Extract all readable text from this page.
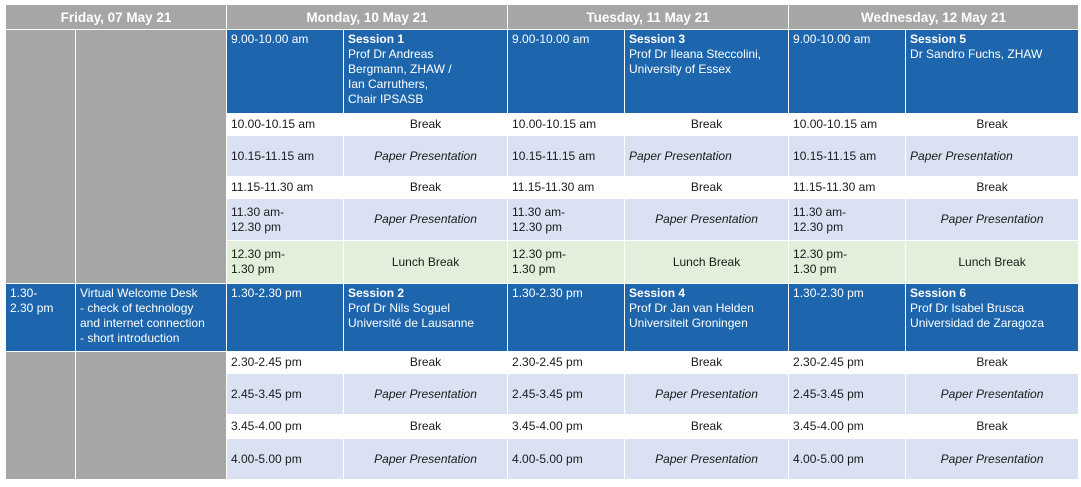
Friday, 07 May 21		Monday, 10 May 21		Tuesday, 11 May 21		Wednesday, 12 May 21	
		9.00-10.00 am	Session 1
Prof Dr Andreas
Bergmann, ZHAW /
Ian Carruthers,
Chair IPSASB	9.00-10.00 am	Session 3
Prof Dr Ileana Steccolini,
University of Essex	9.00-10.00 am	Session 5
Dr Sandro Fuchs, ZHAW
		10.00-10.15 am	Break	10.00-10.15 am	Break	10.00-10.15 am	Break
		10.15-11.15 am	Paper Presentation	10.15-11.15 am	Paper Presentation	10.15-11.15 am	Paper Presentation
		11.15-11.30 am	Break	11.15-11.30 am	Break	11.15-11.30 am	Break
		11.30 am-
12.30 pm	Paper Presentation	11.30 am-
12.30 pm	Paper Presentation	11.30 am-
12.30 pm	Paper Presentation
		12.30 pm-
1.30 pm	Lunch Break	12.30 pm-
1.30 pm	Lunch Break	12.30 pm-
1.30 pm	Lunch Break
1.30-
2.30 pm	Virtual Welcome Desk
- check of technology
and internet connection
- short introduction	1.30-2.30 pm	Session 2
Prof Dr Nils Soguel
Université de Lausanne	1.30-2.30 pm	Session 4
Prof Dr Jan van Helden
Universiteit Groningen	1.30-2.30 pm	Session 6
Prof Dr Isabel Brusca
Universidad de Zaragoza
		2.30-2.45 pm	Break	2.30-2.45 pm	Break	2.30-2.45 pm	Break
		2.45-3.45 pm	Paper Presentation	2.45-3.45 pm	Paper Presentation	2.45-3.45 pm	Paper Presentation
		3.45-4.00 pm	Break	3.45-4.00 pm	Break	3.45-4.00 pm	Break
		4.00-5.00 pm	Paper Presentation	4.00-5.00 pm	Paper Presentation	4.00-5.00 pm	Paper Presentation
